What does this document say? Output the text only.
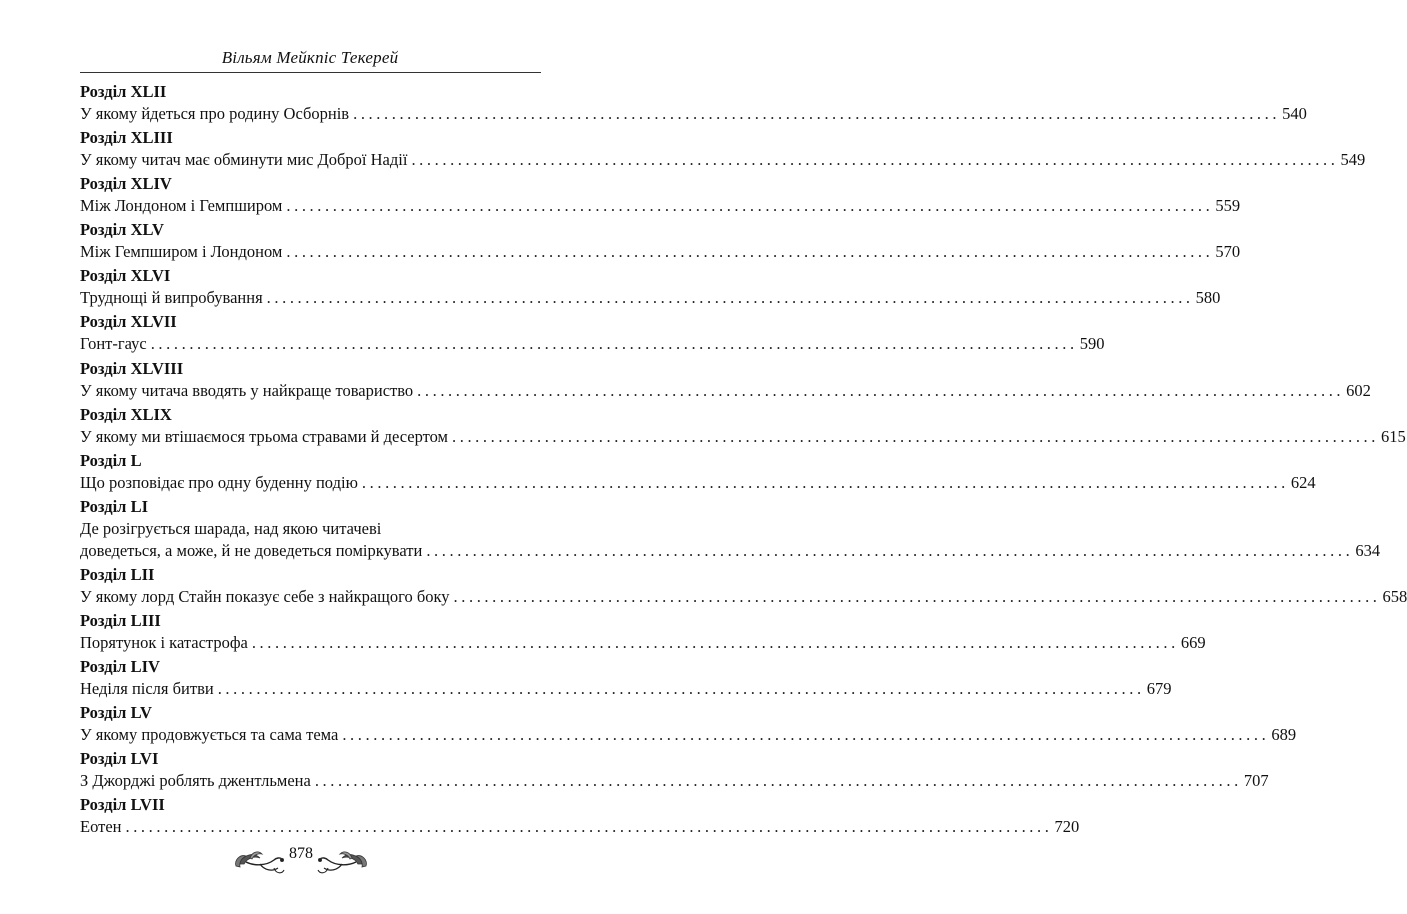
Вільям Мейкпіс Текерей
Розділ XLII
У якому йдеться про родину Осборнів ........................................................................................................................ 540
Розділ XLIII
У якому читач має обминути мис Доброї Надії ........................................................................................................................ 549
Розділ XLIV
Між Лондоном і Гемпширом ........................................................................................................................ 559
Розділ XLV
Між Гемпширом і Лондоном ........................................................................................................................ 570
Розділ XLVI
Труднощі й випробування ........................................................................................................................ 580
Розділ XLVII
Гонт-гаус ........................................................................................................................ 590
Розділ XLVIII
У якому читача вводять у найкраще товариство ........................................................................................................................ 602
Розділ XLIX
У якому ми втішаємося трьома стравами й десертом ........................................................................................................................ 615
Розділ L
Що розповідає про одну буденну подію ........................................................................................................................ 624
Розділ LI
Де розігрується шарада, над якою читачеві
доведеться, а може, й не доведеться поміркувати ........................................................................................................................ 634
Розділ LII
У якому лорд Стайн показує себе з найкращого боку ........................................................................................................................ 658
Розділ LIII
Порятунок і катастрофа ........................................................................................................................ 669
Розділ LIV
Неділя після битви ........................................................................................................................ 679
Розділ LV
У якому продовжується та сама тема ........................................................................................................................ 689
Розділ LVI
З Джорджі роблять джентльмена ........................................................................................................................ 707
Розділ LVII
Еотен ........................................................................................................................ 720
878
